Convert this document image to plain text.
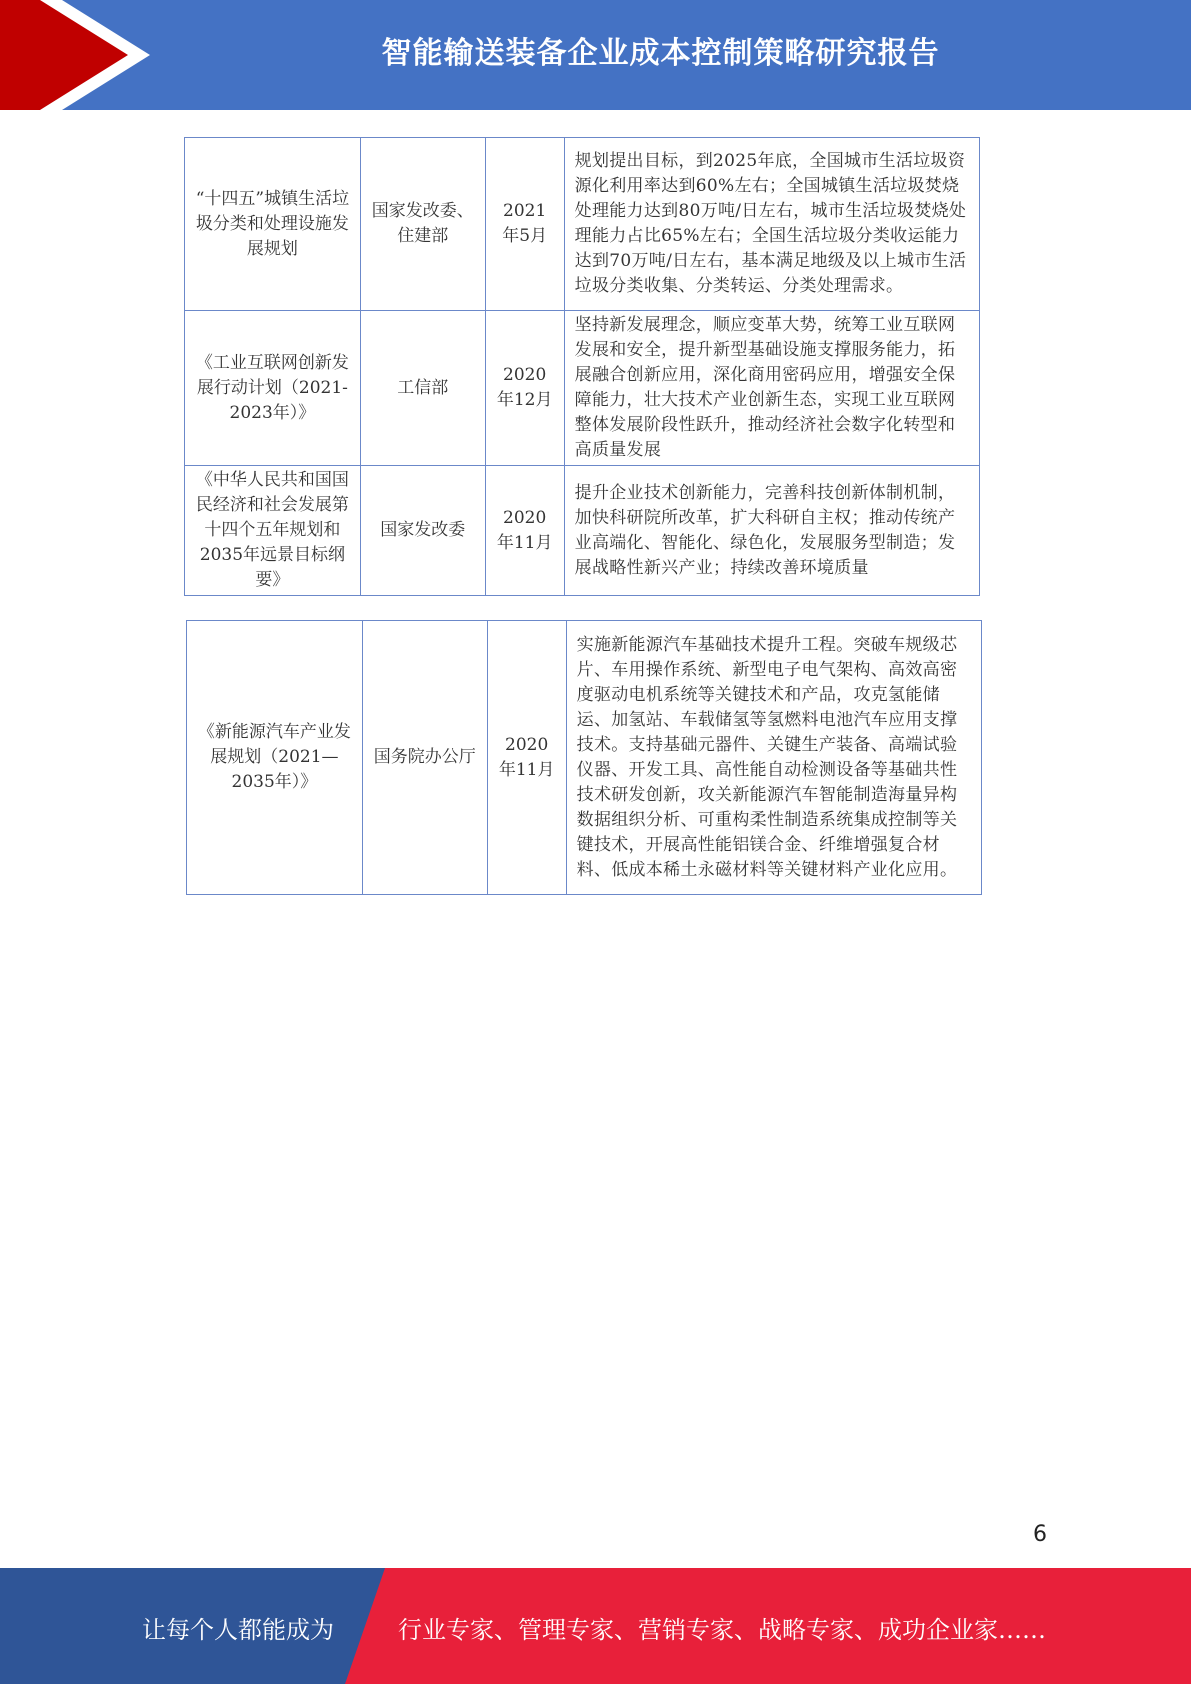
智能输送装备企业成本控制策略研究报告
“十四五”城镇生活垃圾分类和处理设施发展规划	国家发改委、住建部	2021年5月	规划提出目标，到2025年底，全国城市生活垃圾资源化利用率达到60%左右；全国城镇生活垃圾焚烧处理能力达到80万吨/日左右，城市生活垃圾焚烧处理能力占比65%左右；全国生活垃圾分类收运能力达到70万吨/日左右，基本满足地级及以上城市生活垃圾分类收集、分类转运、分类处理需求。
《工业互联网创新发展行动计划（2021-2023年）》	工信部	2020年12月	坚持新发展理念，顺应变革大势，统筹工业互联网发展和安全，提升新型基础设施支撑服务能力，拓展融合创新应用，深化商用密码应用，增强安全保障能力，壮大技术产业创新生态，实现工业互联网整体发展阶段性跃升，推动经济社会数字化转型和高质量发展
《中华人民共和国国民经济和社会发展第十四个五年规划和2035年远景目标纲要》	国家发改委	2020年11月	提升企业技术创新能力，完善科技创新体制机制，加快科研院所改革，扩大科研自主权；推动传统产业高端化、智能化、绿色化，发展服务型制造；发展战略性新兴产业；持续改善环境质量
《新能源汽车产业发展规划（2021—2035年）》	国务院办公厅	2020年11月	实施新能源汽车基础技术提升工程。突破车规级芯片、车用操作系统、新型电子电气架构、高效高密度驱动电机系统等关键技术和产品，攻克氢能储运、加氢站、车载储氢等氢燃料电池汽车应用支撑技术。支持基础元器件、关键生产装备、高端试验仪器、开发工具、高性能自动检测设备等基础共性技术研发创新，攻关新能源汽车智能制造海量异构数据组织分析、可重构柔性制造系统集成控制等关键技术，开展高性能铝镁合金、纤维增强复合材料、低成本稀土永磁材料等关键材料产业化应用。
6
让每个人都能成为	行业专家、管理专家、营销专家、战略专家、成功企业家……
